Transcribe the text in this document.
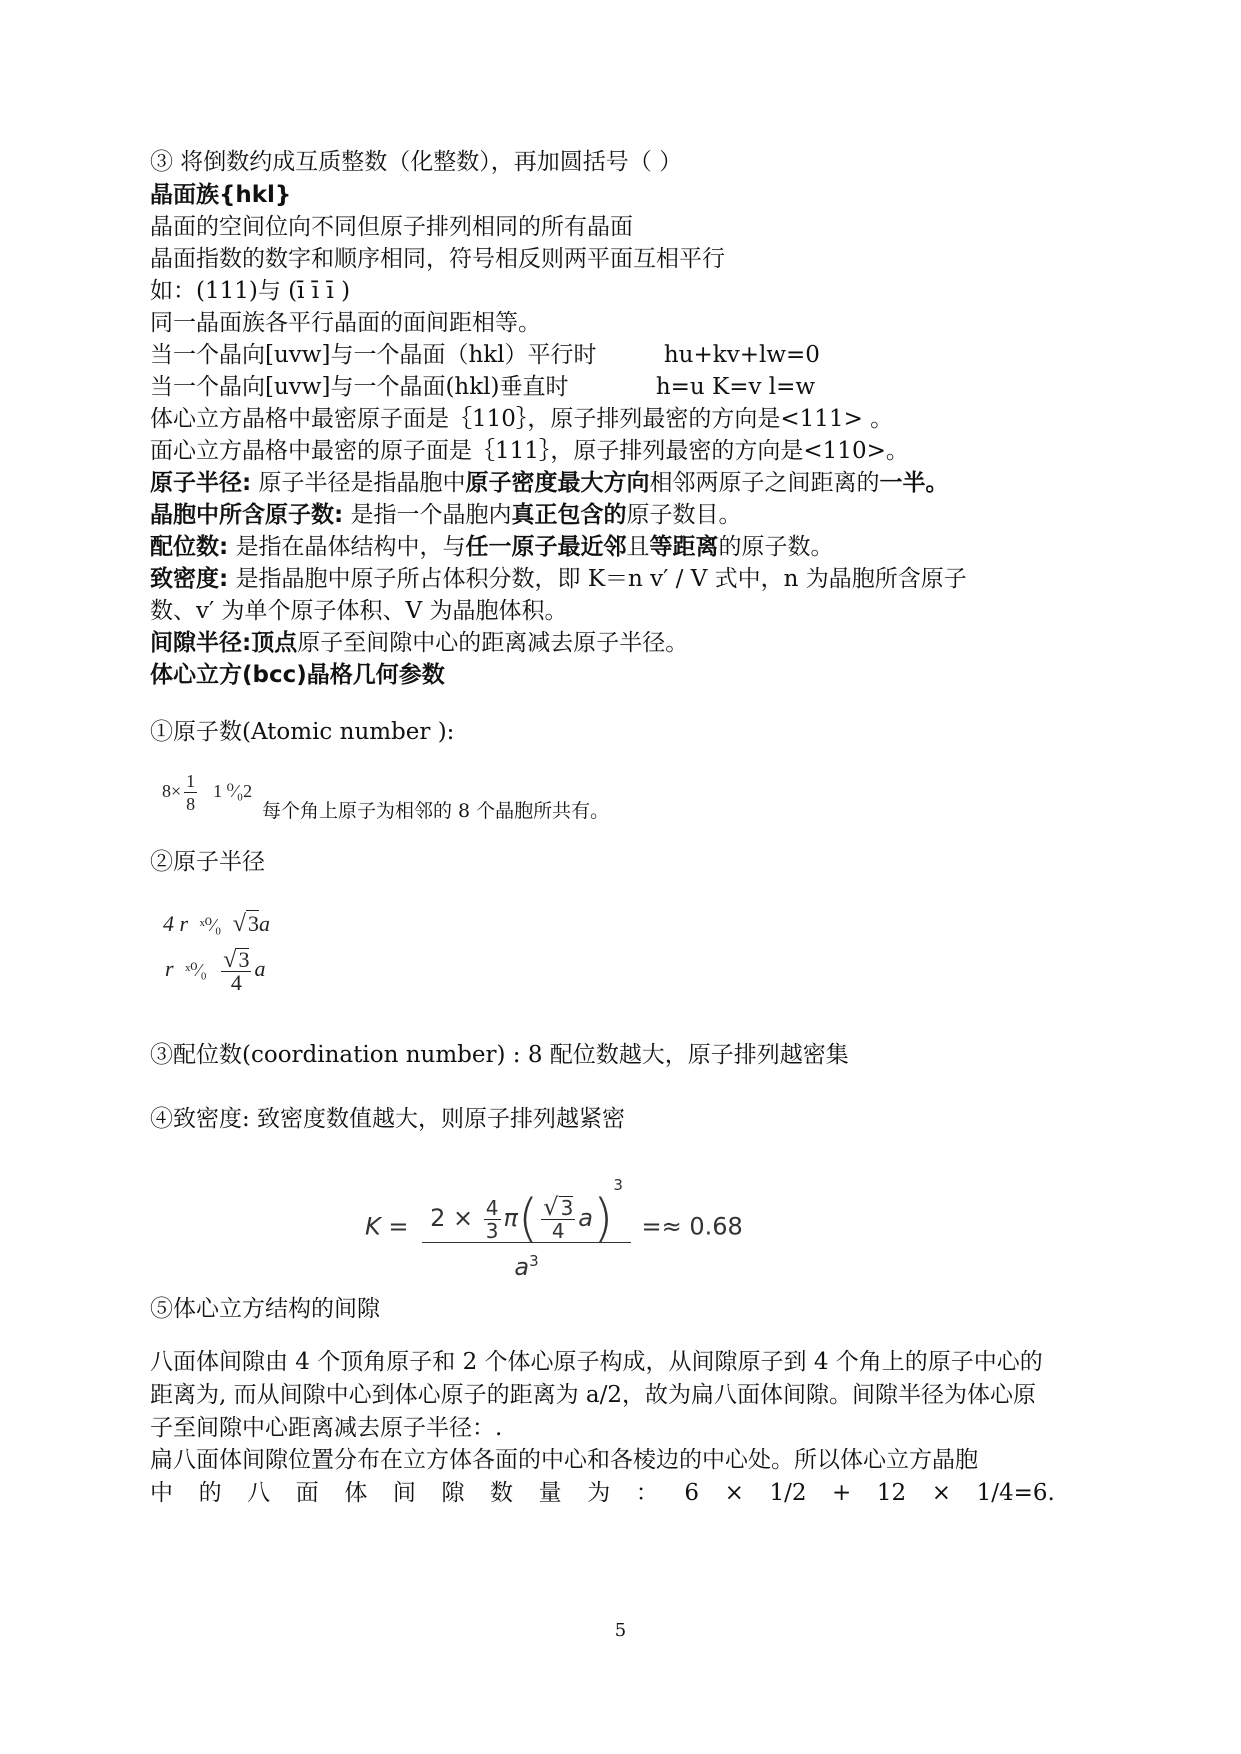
③ 将倒数约成互质整数（化整数），再加圆括号（ ）
晶面族{hkl}
晶面的空间位向不同但原子排列相同的所有晶面
晶面指数的数字和顺序相同，符号相反则两平面互相平行
如：(111)与 (ī ī ī )
同一晶面族各平行晶面的面间距相等。
当一个晶向[uvw]与一个晶面（hkl）平行时	hu+kv+lw=0
当一个晶向[uvw]与一个晶面(hkl)垂直时	h=u K=v l=w
体心立方晶格中最密原子面是｛110｝，原子排列最密的方向是<111> 。
面心立方晶格中最密的原子面是｛111｝，原子排列最密的方向是<110>。
原子半径: 原子半径是指晶胞中原子密度最大方向相邻两原子之间距离的一半。
晶胞中所含原子数: 是指一个晶胞内真正包含的原子数目。
配位数: 是指在晶体结构中，与任一原子最近邻且等距离的原子数。
致密度: 是指晶胞中原子所占体积分数，即 K＝n v′ / V 式中，n 为晶胞所含原子
数、v′ 为单个原子体积、V 为晶胞体积。
间隙半径:顶点原子至间隙中心的距离减去原子半径。
体心立方(bcc)晶格几何参数
①原子数(Atomic number ):
$8\times \frac{1}{8} 1$ ⁰⁄₀2
每个角上原子为相邻的 8 个晶胞所共有。
②原子半径
4 r ˣ⁰⁄₀ √3a
r ˣ⁰⁄₀ $\frac{√3}{4}$ a
③配位数(coordination number) : 8 配位数越大，原子排列越密集
④致密度: 致密度数值越大，则原子排列越紧密
$K = \frac{2 \times \frac{4}{3} \pi( \frac{√ 3}{4} a)^3}{a^3} =\approx 0.68$
⑤体心立方结构的间隙
八面体间隙由 4 个顶角原子和 2 个体心原子构成，从间隙原子到 4 个角上的原子中心的距离为, 而从间隙中心到体心原子的距离为 a/2，故为扁八面体间隙。间隙半径为体心原子至间隙中心距离减去原子半径：.
扁八面体间隙位置分布在立方体各面的中心和各棱边的中心处。所以体心立方晶胞
中 的 八 面 体 间 隙 数 量 为 ： 6 × 1/2 + 12 × 1/4=6.
5
